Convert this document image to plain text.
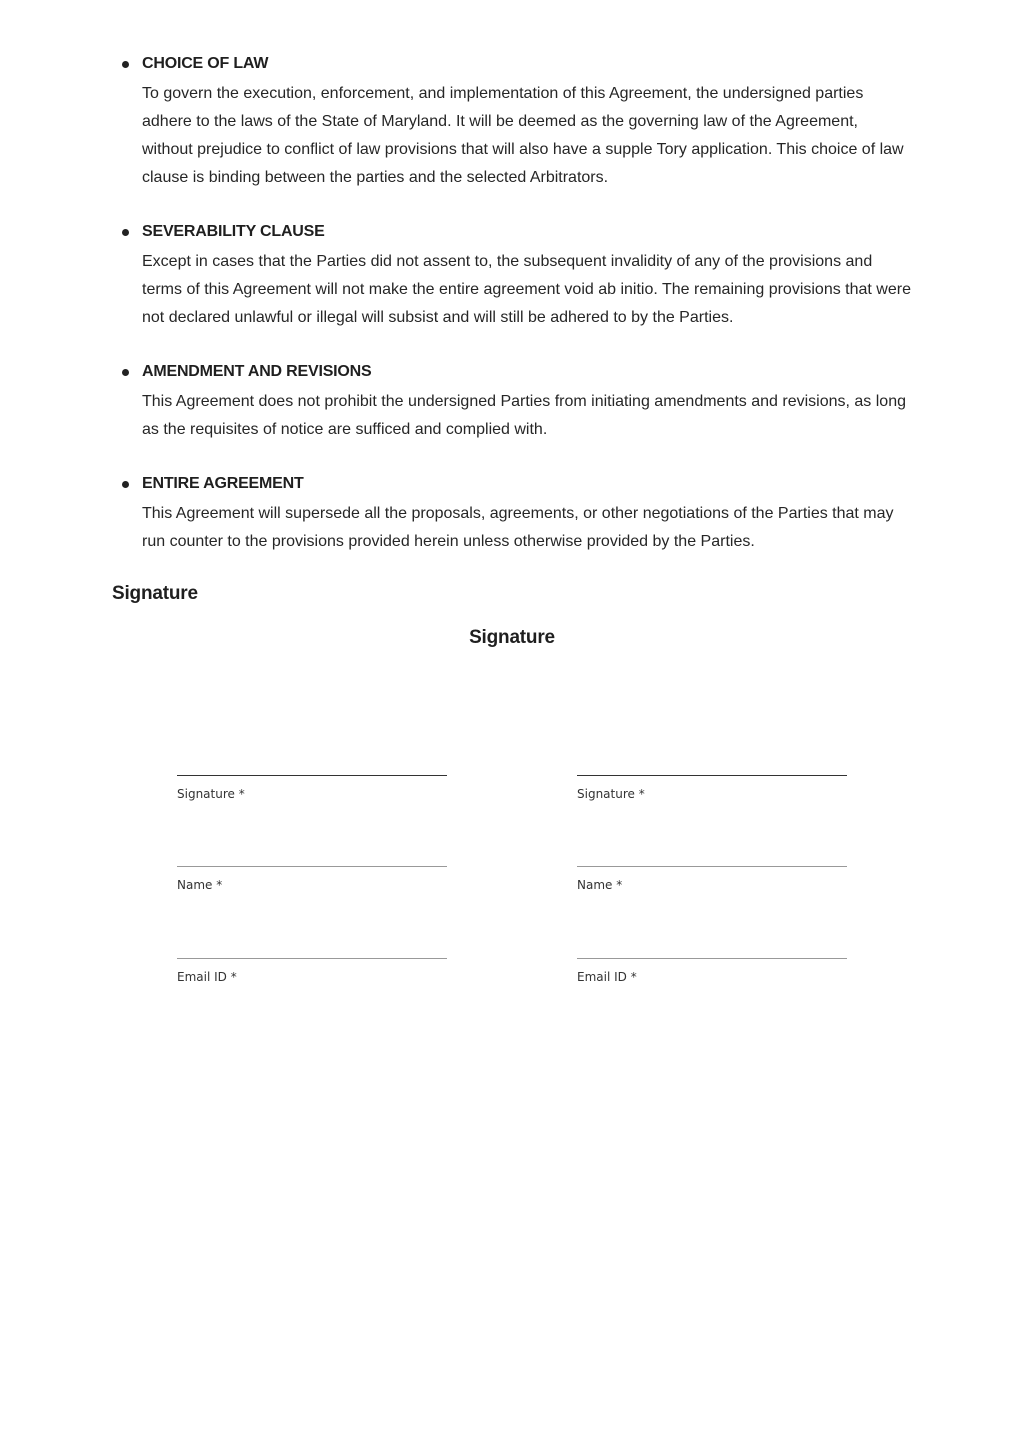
CHOICE OF LAW
To govern the execution, enforcement, and implementation of this Agreement, the undersigned parties adhere to the laws of the State of Maryland. It will be deemed as the governing law of the Agreement, without prejudice to conflict of law provisions that will also have a supple Tory application. This choice of law clause is binding between the parties and the selected Arbitrators.
SEVERABILITY CLAUSE
Except in cases that the Parties did not assent to, the subsequent invalidity of any of the provisions and terms of this Agreement will not make the entire agreement void ab initio. The remaining provisions that were not declared unlawful or illegal will subsist and will still be adhered to by the Parties.
AMENDMENT AND REVISIONS
This Agreement does not prohibit the undersigned Parties from initiating amendments and revisions, as long as the requisites of notice are sufficed and complied with.
ENTIRE AGREEMENT
This Agreement will supersede all the proposals, agreements, or other negotiations of the Parties that may run counter to the provisions provided herein unless otherwise provided by the Parties.
Signature
Signature
Signature *
Name *
Email ID *
Signature *
Name *
Email ID *
